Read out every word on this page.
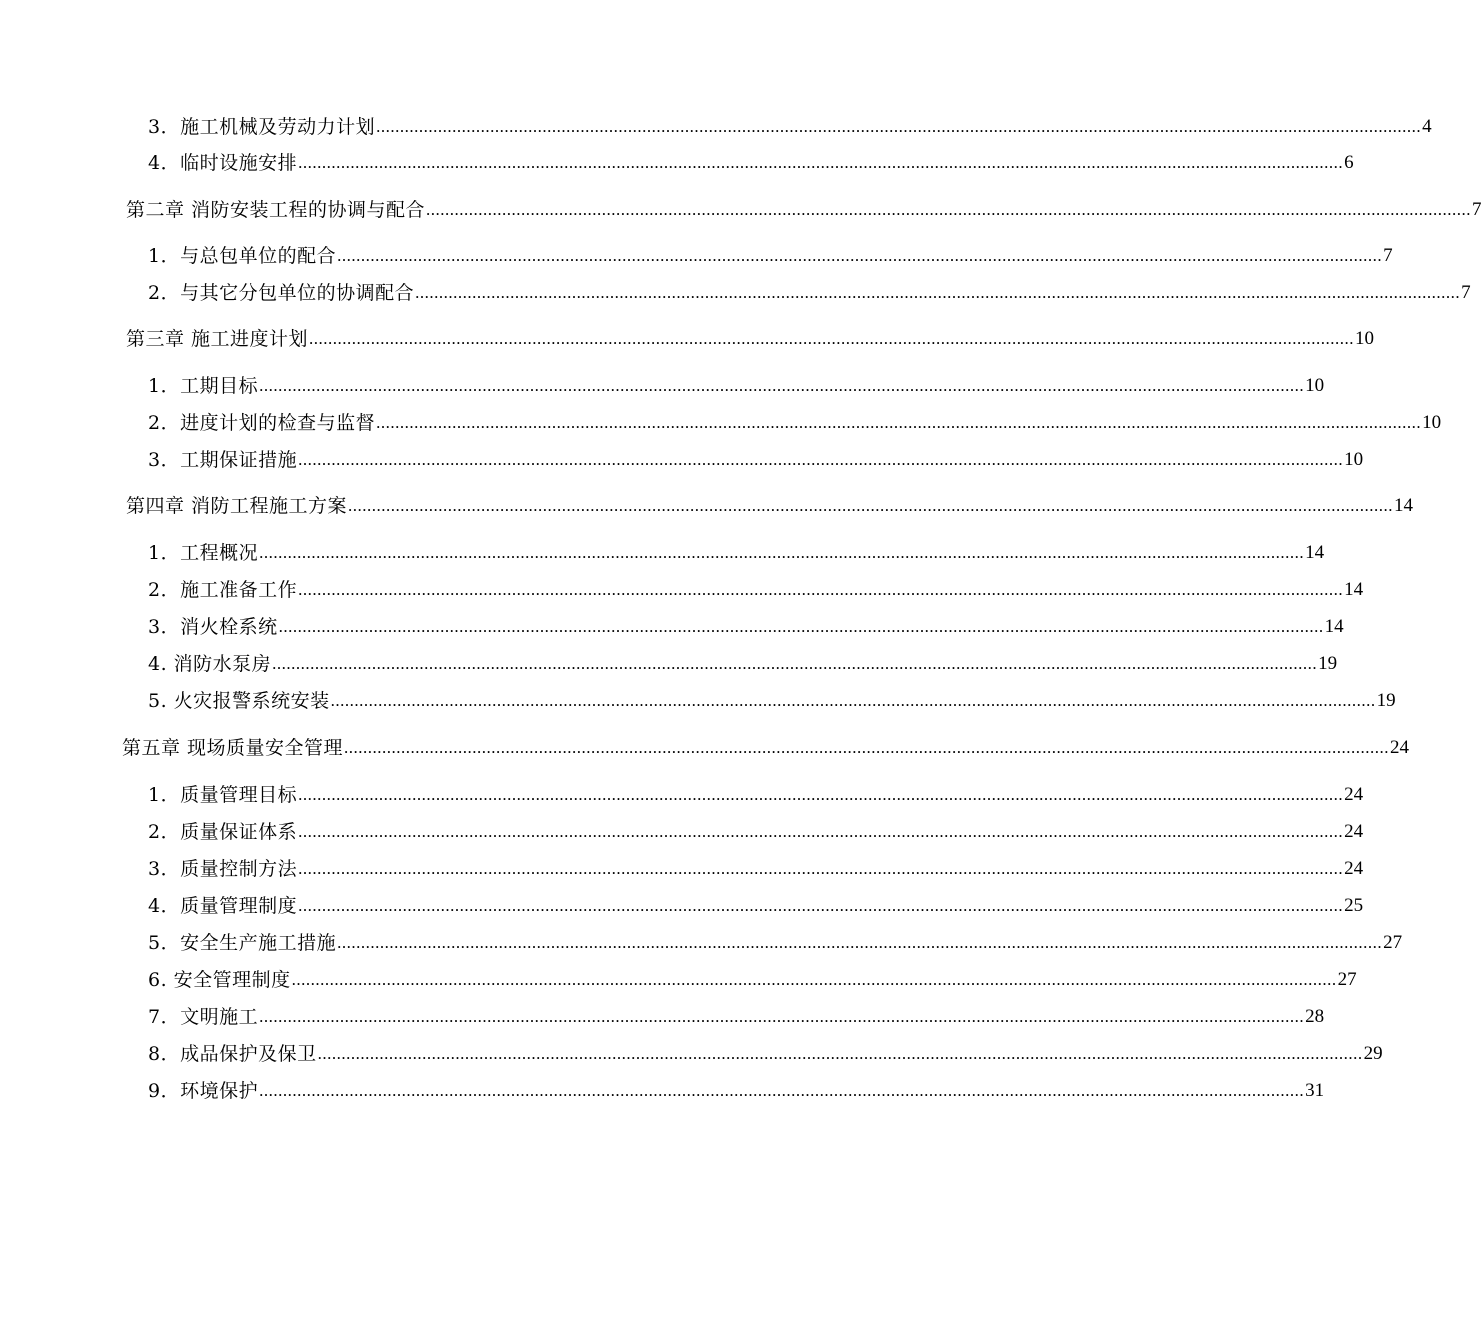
3．施工机械及劳动力计划 ............................................................................................................................................................................................................................ 4
4．临时设施安排 ............................................................................................................................................................................................................................ 6
第二章 消防安装工程的协调与配合 ............................................................................................................................................................................................................................ 7
1．与总包单位的配合 ............................................................................................................................................................................................................................ 7
2．与其它分包单位的协调配合 ............................................................................................................................................................................................................................ 7
第三章 施工进度计划 ............................................................................................................................................................................................................................ 10
1．工期目标 ............................................................................................................................................................................................................................ 10
2．进度计划的检查与监督 ............................................................................................................................................................................................................................ 10
3．工期保证措施 ............................................................................................................................................................................................................................ 10
第四章 消防工程施工方案 ............................................................................................................................................................................................................................ 14
1．工程概况 ............................................................................................................................................................................................................................ 14
2．施工准备工作 ............................................................................................................................................................................................................................ 14
3．消火栓系统 ............................................................................................................................................................................................................................ 14
4. 消防水泵房 ............................................................................................................................................................................................................................ 19
5. 火灾报警系统安装 ............................................................................................................................................................................................................................ 19
第五章 现场质量安全管理 ............................................................................................................................................................................................................................ 24
1．质量管理目标 ............................................................................................................................................................................................................................ 24
2．质量保证体系 ............................................................................................................................................................................................................................ 24
3．质量控制方法 ............................................................................................................................................................................................................................ 24
4．质量管理制度 ............................................................................................................................................................................................................................ 25
5．安全生产施工措施 ............................................................................................................................................................................................................................ 27
6. 安全管理制度 ............................................................................................................................................................................................................................ 27
7．文明施工 ............................................................................................................................................................................................................................ 28
8．成品保护及保卫 ............................................................................................................................................................................................................................ 29
9．环境保护 ............................................................................................................................................................................................................................ 31
